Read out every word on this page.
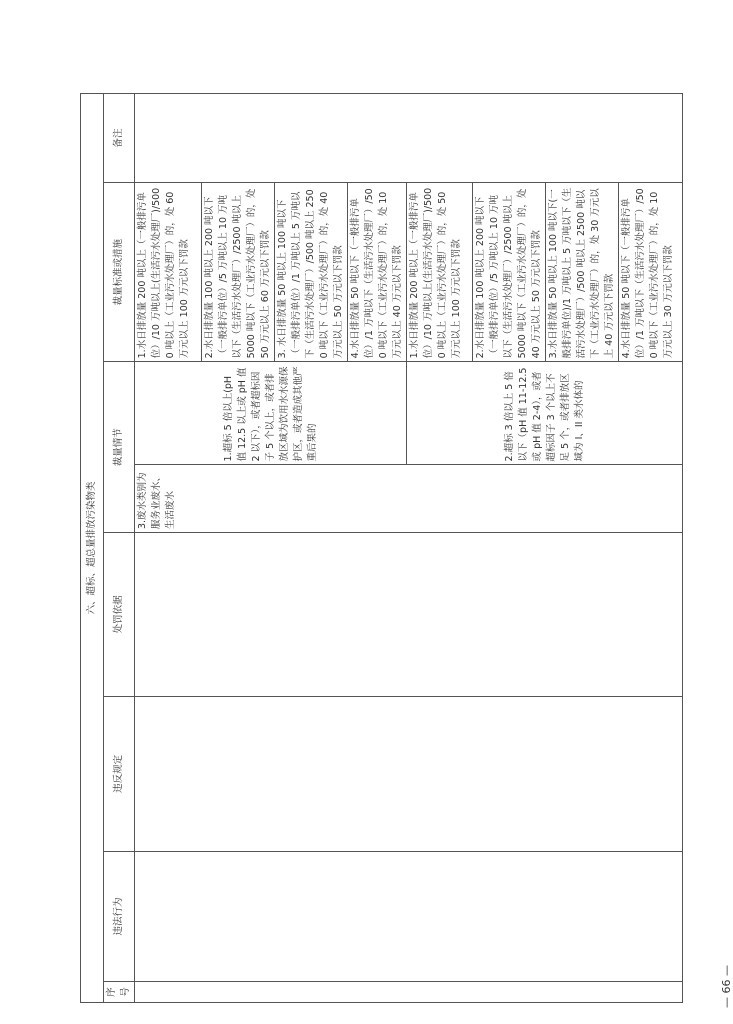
六、超标、超总量排放污染物类							
序号	违法行为	违反规定	处罚依据	裁量情节		裁量标准或措施	备注
				3.废水类别为服务业废水、生活废水	1.超标 5 倍以上(pH 值 12.5 以上或 pH 值 2 以下），或者超标因子 5 个以上，或者排放区域为饮用水水源保护区，或者造成其他严重后果的	1.水日排放量 200 吨以上（一般排污单位）/10 万吨以上(生活污水处理厂)/5000 吨以上（工业污水处理厂）的，处 60 万元以上 100 万元以下罚款	
						2.水日排放量 100 吨以上 200 吨以下（一般排污单位）/5 万吨以上 10 万吨以下（生活污水处理厂）/2500 吨以上 5000 吨以下（工业污水处理厂）的，处 50 万元以上 60 万元以下罚款	
						3. 水日排放量 50 吨以上 100 吨以下（一般排污单位）/1 万吨以上 5 万吨以下（生活污水处理厂）/500 吨以上 2500 吨以下（工业污水处理厂）的，处 40 万元以上 50 万元以下罚款	
						4.水日排放量 50 吨以下（一般排污单位）/1 万吨以下（生活污水处理厂）/500 吨以下（工业污水处理厂）的，处 10 万元以上 40 万元以下罚款	
					2.超标 3 倍以上 5 倍以下（pH 值 11-12.5 或 pH 值 2-4），或者超标因子 3 个以上不足 5 个，或者排放区域为 I、II 类水体的	1.水日排放量 200 吨以上（一般排污单位）/10 万吨以上(生活污水处理厂)/5000 吨以上（工业污水处理厂）的，处 50 万元以上 100 万元以下罚款	
						2.水日排放量 100 吨以上 200 吨以下（一般排污单位）/5 万吨以上 10 万吨以下（生活污水处理厂）/2500 吨以上 5000 吨以下（工业污水处理厂）的，处 40 万元以上 50 万元以下罚款	
						3.水日排放量 50 吨以上 100 吨以下(一般排污单位)/1 万吨以上 5 万吨以下（生活污水处理厂）/500 吨以上 2500 吨以下（工业污水处理厂）的，处 30 万元以上 40 万元以下罚款	
						4.水日排放量 50 吨以下（一般排污单位）/1 万吨以下（生活污水处理厂）/500 吨以下（工业污水处理厂）的，处 10 万元以上 30 万元以下罚款	
— 66 —
